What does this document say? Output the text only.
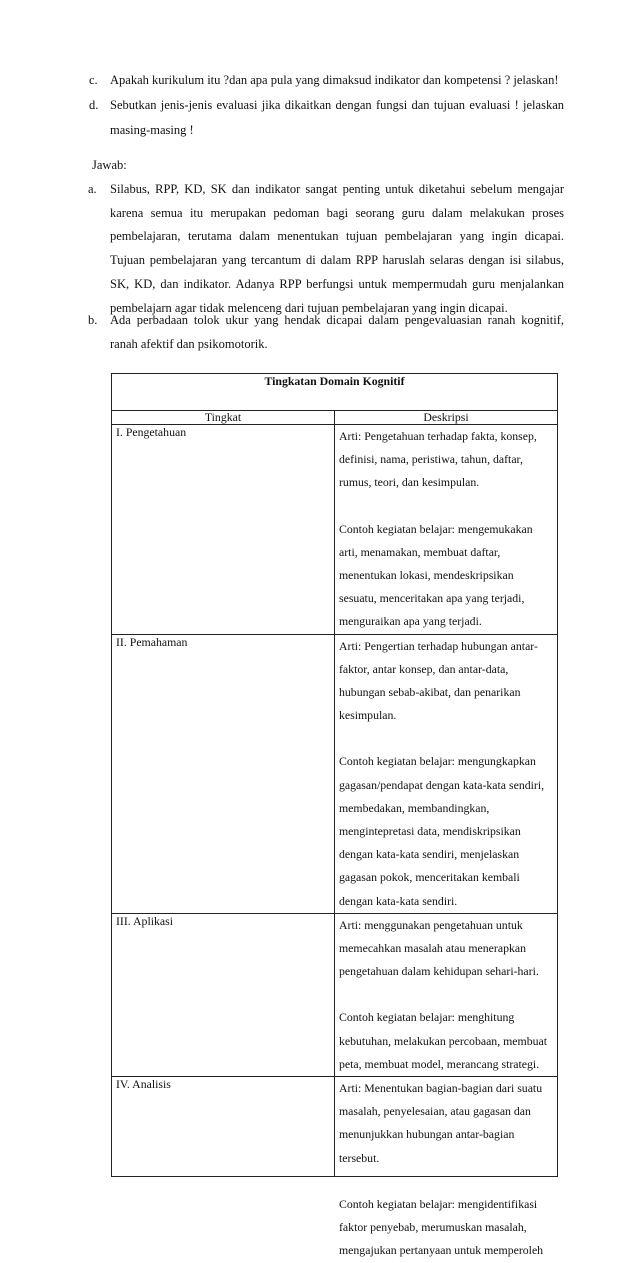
c. Apakah kurikulum itu ?dan apa pula yang dimaksud indikator dan kompetensi ? jelaskan!
d. Sebutkan jenis-jenis evaluasi jika dikaitkan dengan fungsi dan tujuan evaluasi ! jelaskan masing-masing !
Jawab:
a.	Silabus, RPP, KD, SK dan indikator sangat penting untuk diketahui sebelum mengajar karena semua itu merupakan pedoman bagi seorang guru dalam melakukan proses pembelajaran, terutama dalam menentukan tujuan pembelajaran yang ingin dicapai. Tujuan pembelajaran yang tercantum di dalam RPP haruslah selaras dengan isi silabus, SK, KD, dan indikator. Adanya RPP berfungsi untuk mempermudah guru menjalankan pembelajarn agar tidak melenceng dari tujuan pembelajaran yang ingin dicapai.
b.	Ada perbadaan tolok ukur yang hendak dicapai dalam pengevaluasian ranah kognitif, ranah afektif dan psikomotorik.
Tingkatan Domain Kognitif	
Tingkat	Deskripsi
I. Pengetahuan	Arti: Pengetahuan terhadap fakta, konsep, definisi, nama, peristiwa, tahun, daftar, rumus, teori, dan kesimpulan.

Contoh kegiatan belajar: mengemukakan arti, menamakan, membuat daftar, menentukan lokasi, mendeskripsikan sesuatu, menceritakan apa yang terjadi, menguraikan apa yang terjadi.

II. Pemahaman	Arti: Pengertian terhadap hubungan antar-faktor, antar konsep, dan antar-data, hubungan sebab-akibat, dan penarikan kesimpulan.

Contoh kegiatan belajar: mengungkapkan gagasan/pendapat dengan kata-kata sendiri, membedakan, membandingkan, mengintepretasi data, mendiskripsikan dengan kata-kata sendiri, menjelaskan gagasan pokok, menceritakan kembali dengan kata-kata sendiri.

III. Aplikasi	Arti: menggunakan pengetahuan untuk memecahkan masalah atau menerapkan pengetahuan dalam kehidupan sehari-hari.

Contoh kegiatan belajar: menghitung kebutuhan, melakukan percobaan, membuat peta, membuat model, merancang strategi.

IV. Analisis	Arti: Menentukan bagian-bagian dari suatu masalah, penyelesaian, atau gagasan dan menunjukkan hubungan antar-bagian tersebut.

Contoh kegiatan belajar: mengidentifikasi faktor penyebab, merumuskan masalah, mengajukan pertanyaan untuk memperoleh
